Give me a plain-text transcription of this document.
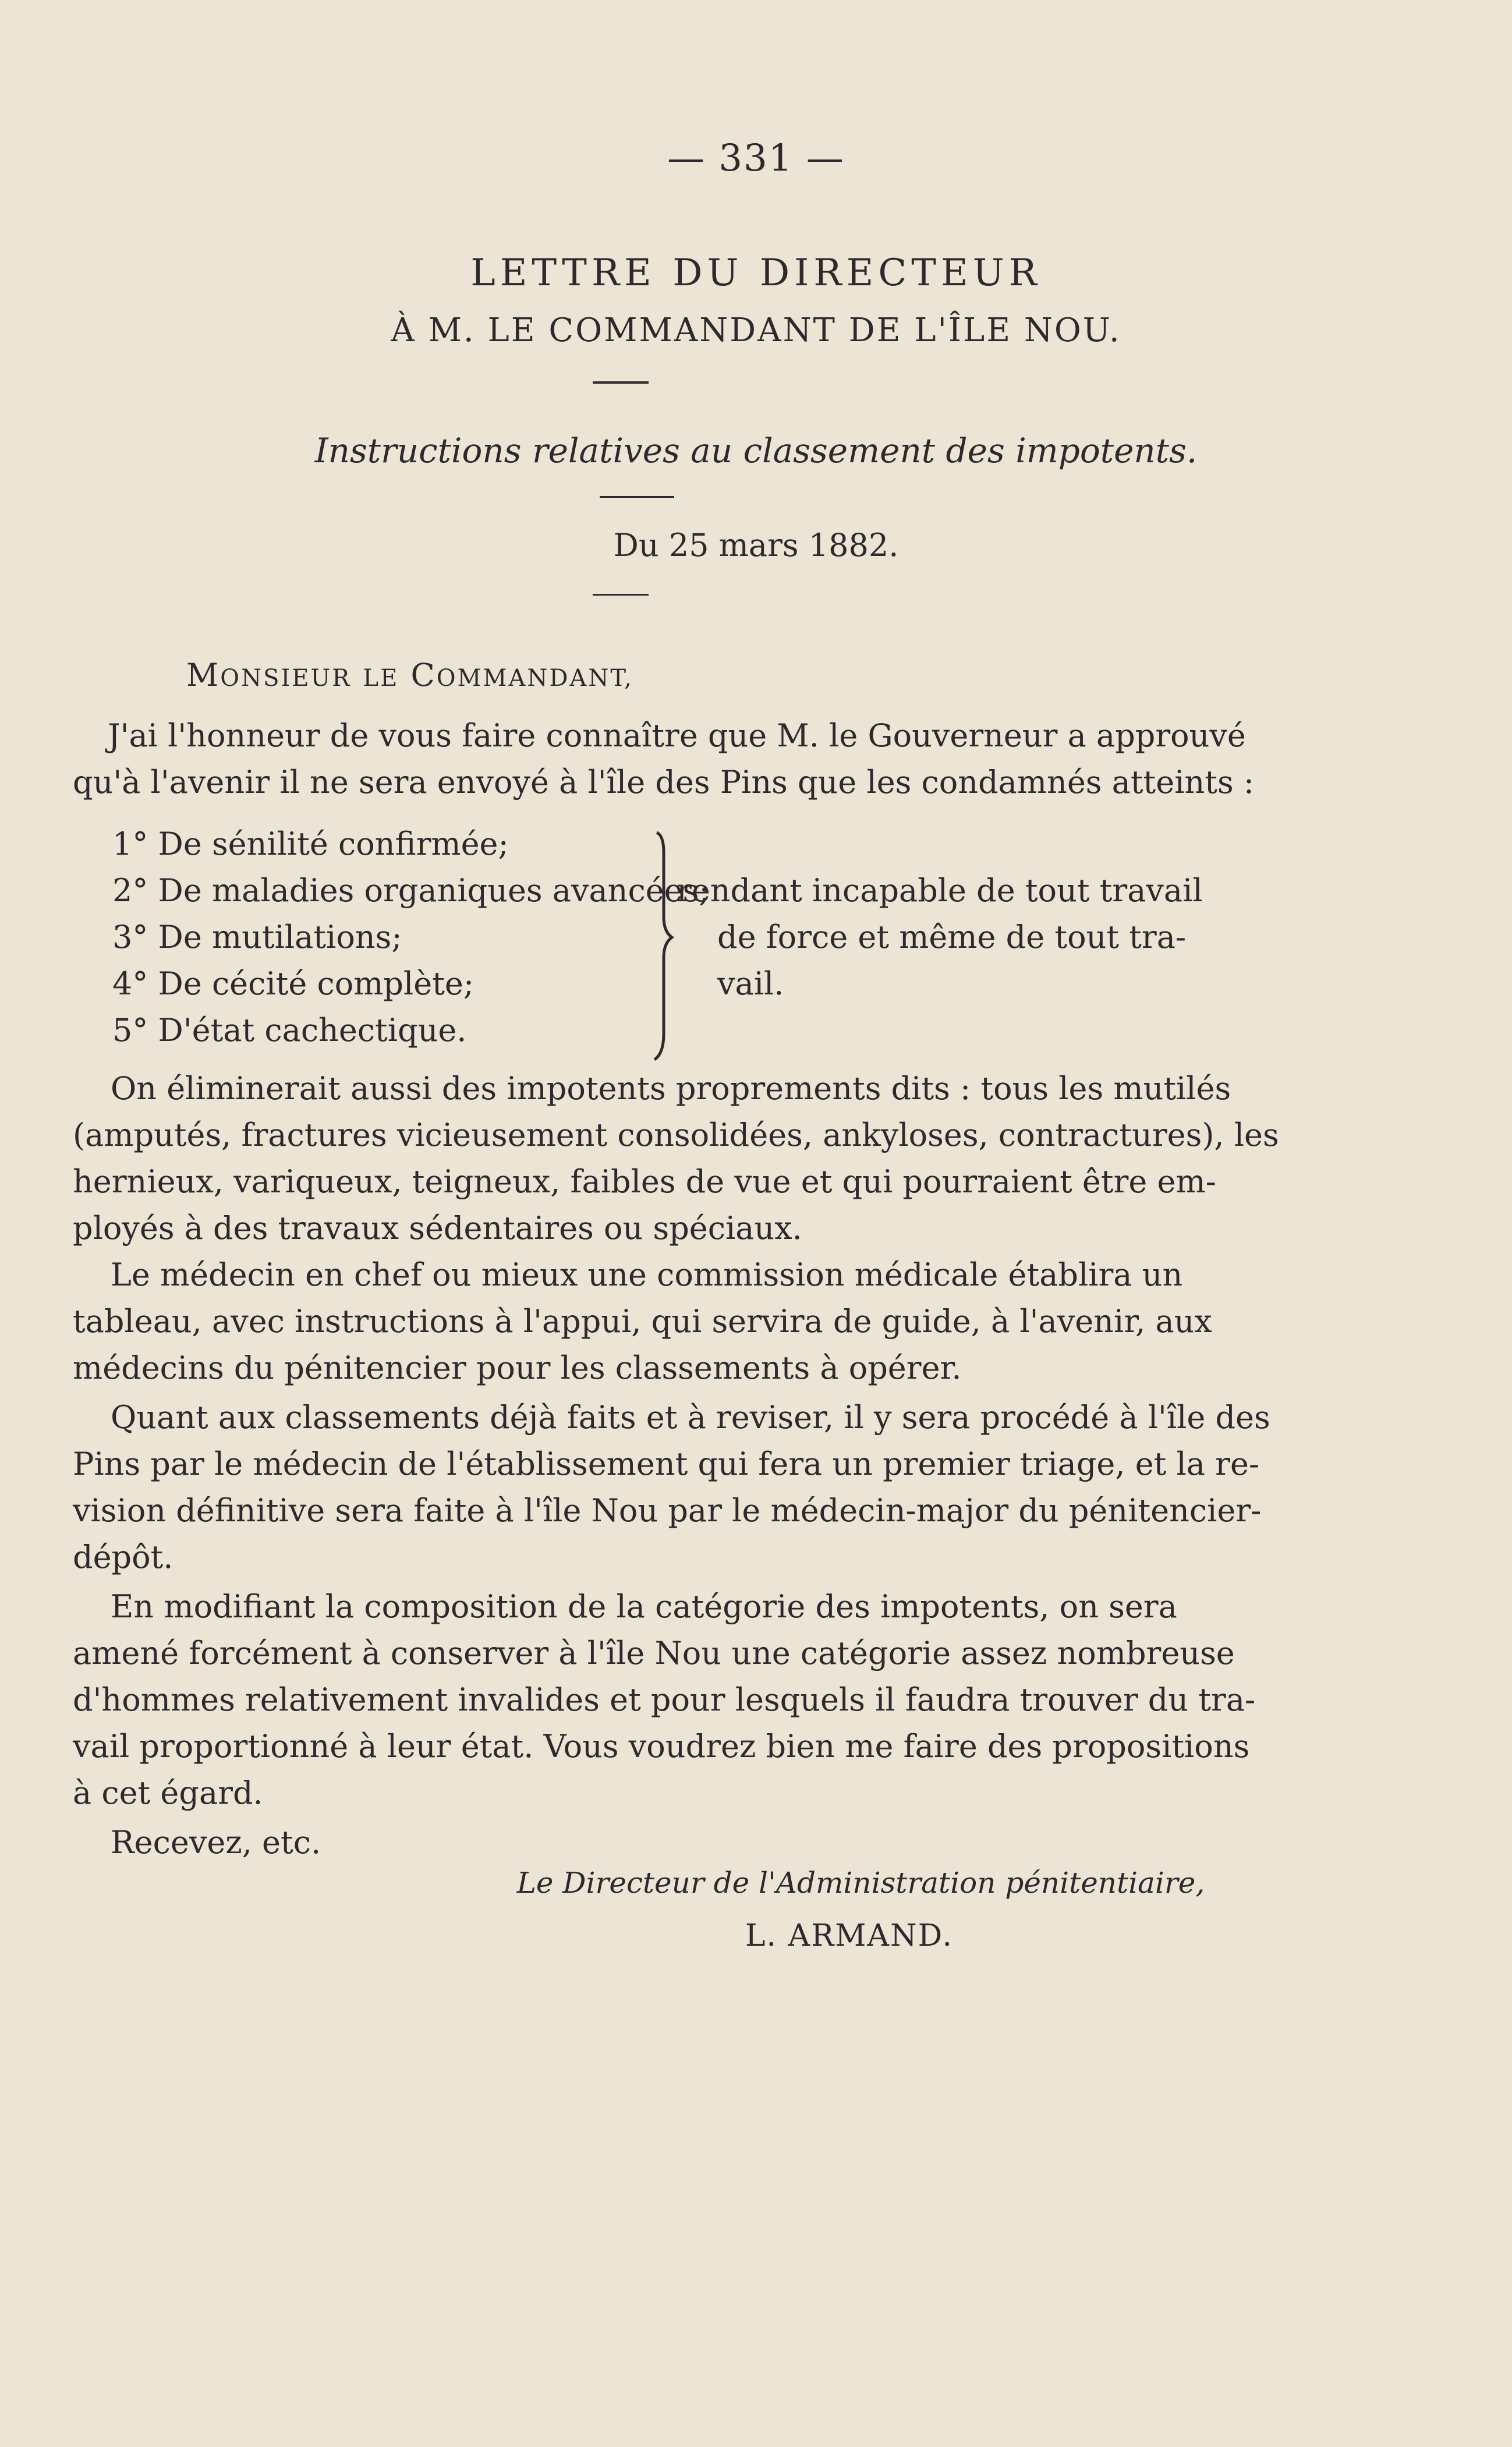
— 331 —
LETTRE DU DIRECTEUR
À M. LE COMMANDANT DE L'ÎLE NOU.
Instructions relatives au classement des impotents.
Du 25 mars 1882.
MONSIEUR LE COMMANDANT,
J'ai l'honneur de vous faire connaître que M. le Gouverneur a approuvé
qu'à l'avenir il ne sera envoyé à l'île des Pins que les condamnés atteints :
1° De sénilité confirmée;
2° De maladies organiques avancées;
3° De mutilations;
4° De cécité complète;
5° D'état cachectique.
rendant incapable de tout travail
de force et même de tout tra-
vail.
On éliminerait aussi des impotents proprements dits : tous les mutilés
(amputés, fractures vicieusement consolidées, ankyloses, contractures), les
hernieux, variqueux, teigneux, faibles de vue et qui pourraient être em-
ployés à des travaux sédentaires ou spéciaux.
Le médecin en chef ou mieux une commission médicale établira un
tableau, avec instructions à l'appui, qui servira de guide, à l'avenir, aux
médecins du pénitencier pour les classements à opérer.
Quant aux classements déjà faits et à reviser, il y sera procédé à l'île des
Pins par le médecin de l'établissement qui fera un premier triage, et la re-
vision définitive sera faite à l'île Nou par le médecin-major du pénitencier-
dépôt.
En modifiant la composition de la catégorie des impotents, on sera
amené forcément à conserver à l'île Nou une catégorie assez nombreuse
d'hommes relativement invalides et pour lesquels il faudra trouver du tra-
vail proportionné à leur état. Vous voudrez bien me faire des propositions
à cet égard.
Recevez, etc.
Le Directeur de l'Administration pénitentiaire,
L. ARMAND.
